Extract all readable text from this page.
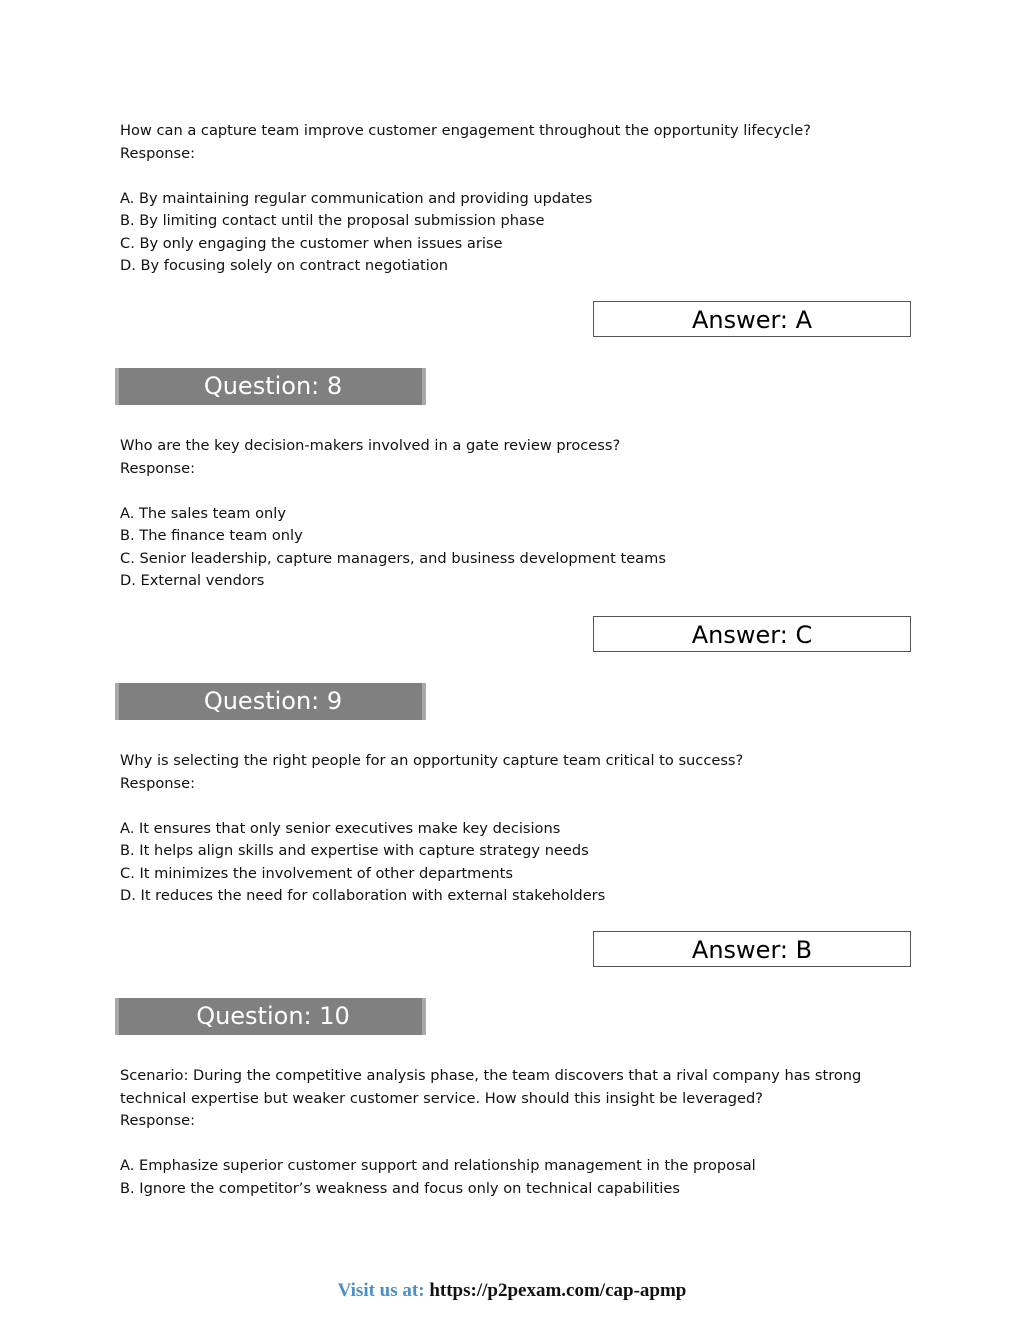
How can a capture team improve customer engagement throughout the opportunity lifecycle?
Response:
A. By maintaining regular communication and providing updates
B. By limiting contact until the proposal submission phase
C. By only engaging the customer when issues arise
D. By focusing solely on contract negotiation
Answer: A
Question: 8
Who are the key decision-makers involved in a gate review process?
Response:
A. The sales team only
B. The finance team only
C. Senior leadership, capture managers, and business development teams
D. External vendors
Answer: C
Question: 9
Why is selecting the right people for an opportunity capture team critical to success?
Response:
A. It ensures that only senior executives make key decisions
B. It helps align skills and expertise with capture strategy needs
C. It minimizes the involvement of other departments
D. It reduces the need for collaboration with external stakeholders
Answer: B
Question: 10
Scenario: During the competitive analysis phase, the team discovers that a rival company has strong
technical expertise but weaker customer service. How should this insight be leveraged?
Response:
A. Emphasize superior customer support and relationship management in the proposal
B. Ignore the competitor’s weakness and focus only on technical capabilities
Visit us at: https://p2pexam.com/cap-apmp
